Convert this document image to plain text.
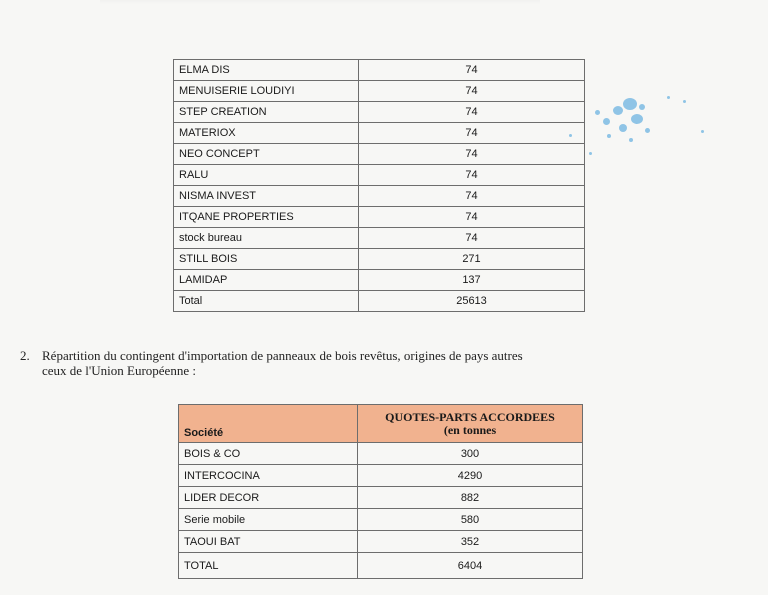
ELMA DIS	74
MENUISERIE LOUDIYI	74
STEP CREATION	74
MATERIOX	74
NEO CONCEPT	74
RALU	74
NISMA INVEST	74
ITQANE PROPERTIES	74
stock bureau	74
STILL BOIS	271
LAMIDAP	137
Total	25613
2. Répartition du contingent d'importation de panneaux de bois revêtus, origines de pays autres
ceux de l'Union Européenne :
Société	QUOTES-PARTS ACCORDEES
(en tonnes

BOIS & CO	300
INTERCOCINA	4290
LIDER DECOR	882
Serie mobile	580
TAOUI BAT	352
TOTAL	6404
